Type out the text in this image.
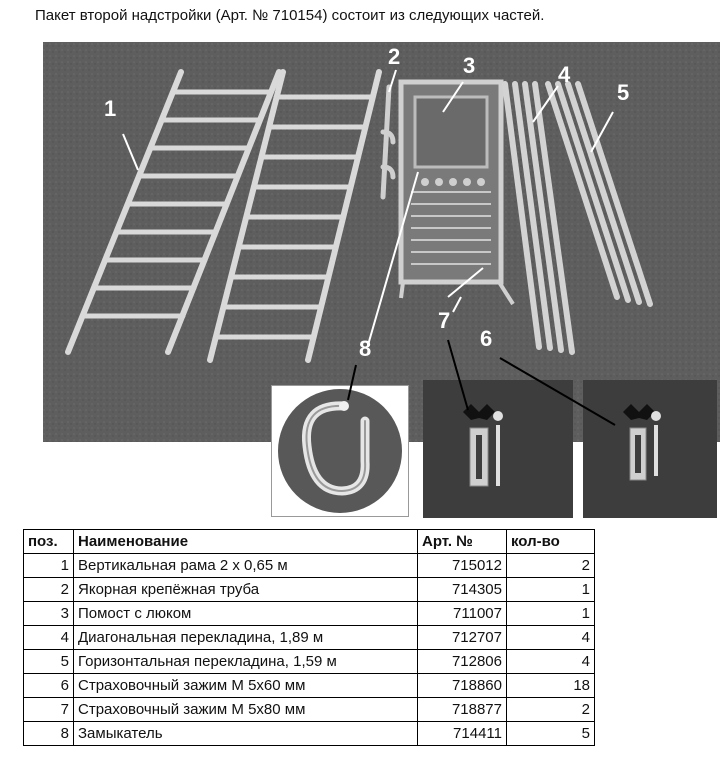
Пакет второй надстройки (Арт. № 710154) состоит из следующих частей.
1
2	3	4
5
6
7
8
поз.	Наименование	Арт. №	кол-во
1	Вертикальная рама 2 х 0,65 м	715012	2
2	Якорная крепёжная труба	714305	1
3	Помост с люком	711007	1
4	Диагональная перекладина, 1,89 м	712707	4
5	Горизонтальная перекладина, 1,59 м	712806	4
6	Страховочный зажим M 5x60 мм	718860	18
7	Страховочный зажим M 5x80 мм	718877	2
8	Замыкатель	714411	5
